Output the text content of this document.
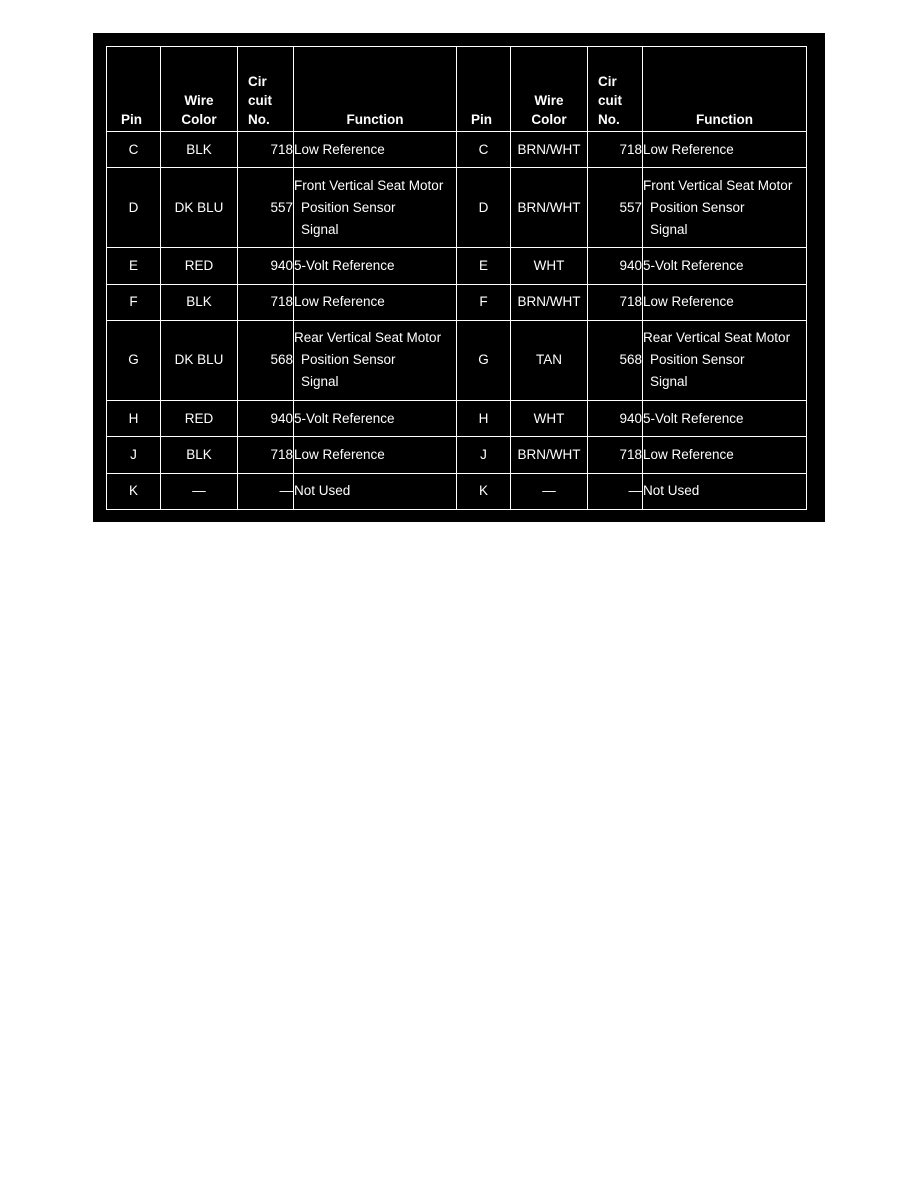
Pin	Wire
Color	Cir
cuit
No.	Function	Pin	Wire
Color	Cir
cuit
No.	Function

C	BLK	718	Low Reference	C	BRN/WHT	718	Low Reference

D	DK BLU	557	Front Vertical Seat Motor
Position Sensor
Signal	D	BRN/WHT	557	Front Vertical Seat Motor
Position Sensor
Signal

E	RED	940	5-Volt Reference	E	WHT	940	5-Volt Reference

F	BLK	718	Low Reference	F	BRN/WHT	718	Low Reference

G	DK BLU	568	Rear Vertical Seat Motor
Position Sensor
Signal	G	TAN	568	Rear Vertical Seat Motor
Position Sensor
Signal

H	RED	940	5-Volt Reference	H	WHT	940	5-Volt Reference

J	BLK	718	Low Reference	J	BRN/WHT	718	Low Reference

K	—	—	Not Used	K	—	—	Not Used
